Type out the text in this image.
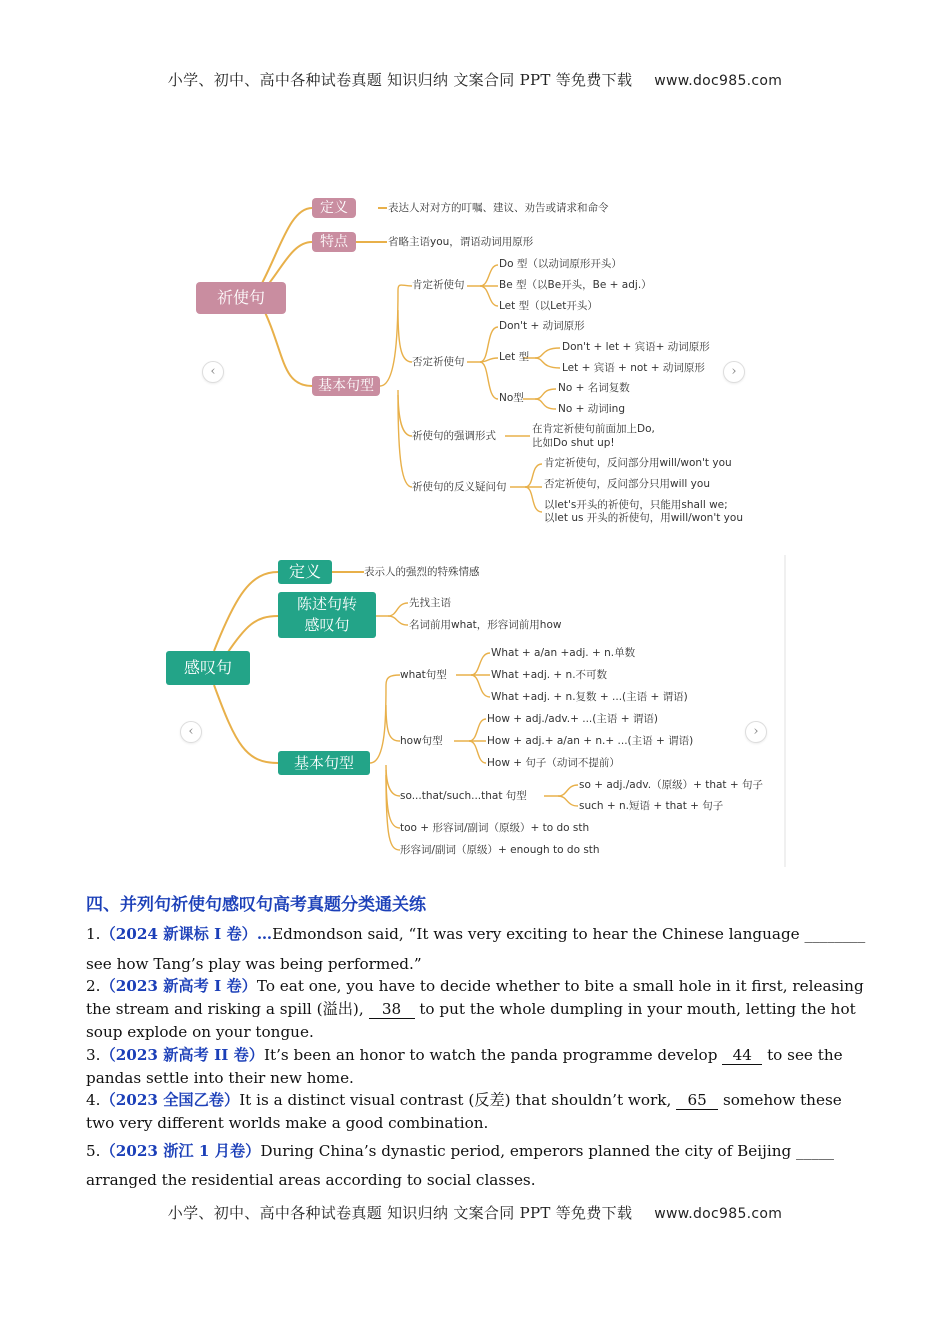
小学、初中、高中各种试卷真题 知识归纳 文案合同 PPT 等免费下载 www.doc985.com
祈使句
定义	表达人对对方的叮嘱、建议、劝告或请求和命令
特点	省略主语you，谓语动词用原形
基本句型
肯定祈使句
Do 型（以动词原形开头）
Be 型（以Be开头，Be + adj.）
Let 型（以Let开头）
否定祈使句
Don't + 动词原形
Let 型
Don't + let + 宾语+ 动词原形
Let + 宾语 + not + 动词原形
No型
No + 名词复数
No + 动词ing
祈使句的强调形式
在肯定祈使句前面加上Do,
比如Do shut up!
祈使句的反义疑问句
肯定祈使句，反问部分用will/won't you
否定祈使句，反问部分只用will you
以let's开头的祈使句，只能用shall we;
以let us 开头的祈使句，用will/won't you
‹	›
感叹句
定义	表示人的强烈的特殊情感
陈述句转
感叹句
先找主语
名词前用what，形容词前用how
基本句型
what句型
What + a/an +adj. + n.单数
What +adj. + n.不可数
What +adj. + n.复数 + ...(主语 + 谓语)
how句型
How + adj./adv.+ ...(主语 + 谓语)
How + adj.+ a/an + n.+ ...(主语 + 谓语)
How + 句子（动词不提前）
so...that/such...that 句型
so + adj./adv.（原级）+ that + 句子
such + n.短语 + that + 句子
too + 形容词/副词（原级）+ to do sth
形容词/副词（原级）+ enough to do sth
‹	›
四、并列句祈使句感叹句高考真题分类通关练
1.（2024 新课标 I 卷）…Edmondson said, “It was very exciting to hear the Chinese language ________ see how Tang’s play was being performed.”
2.（2023 新高考 I 卷）To eat one, you have to decide whether to bite a small hole in it first, releasing the stream and risking a spill (溢出), 38 to put the whole dumpling in your mouth, letting the hot soup explode on your tongue.
3.（2023 新高考 II 卷）It’s been an honor to watch the panda programme develop 44 to see the pandas settle into their new home.
4.（2023 全国乙卷）It is a distinct visual contrast (反差) that shouldn’t work, 65 somehow these two very different worlds make a good combination.
5.（2023 浙江 1 月卷）During China’s dynastic period, emperors planned the city of Beijing _____ arranged the residential areas according to social classes.
小学、初中、高中各种试卷真题 知识归纳 文案合同 PPT 等免费下载 www.doc985.com
